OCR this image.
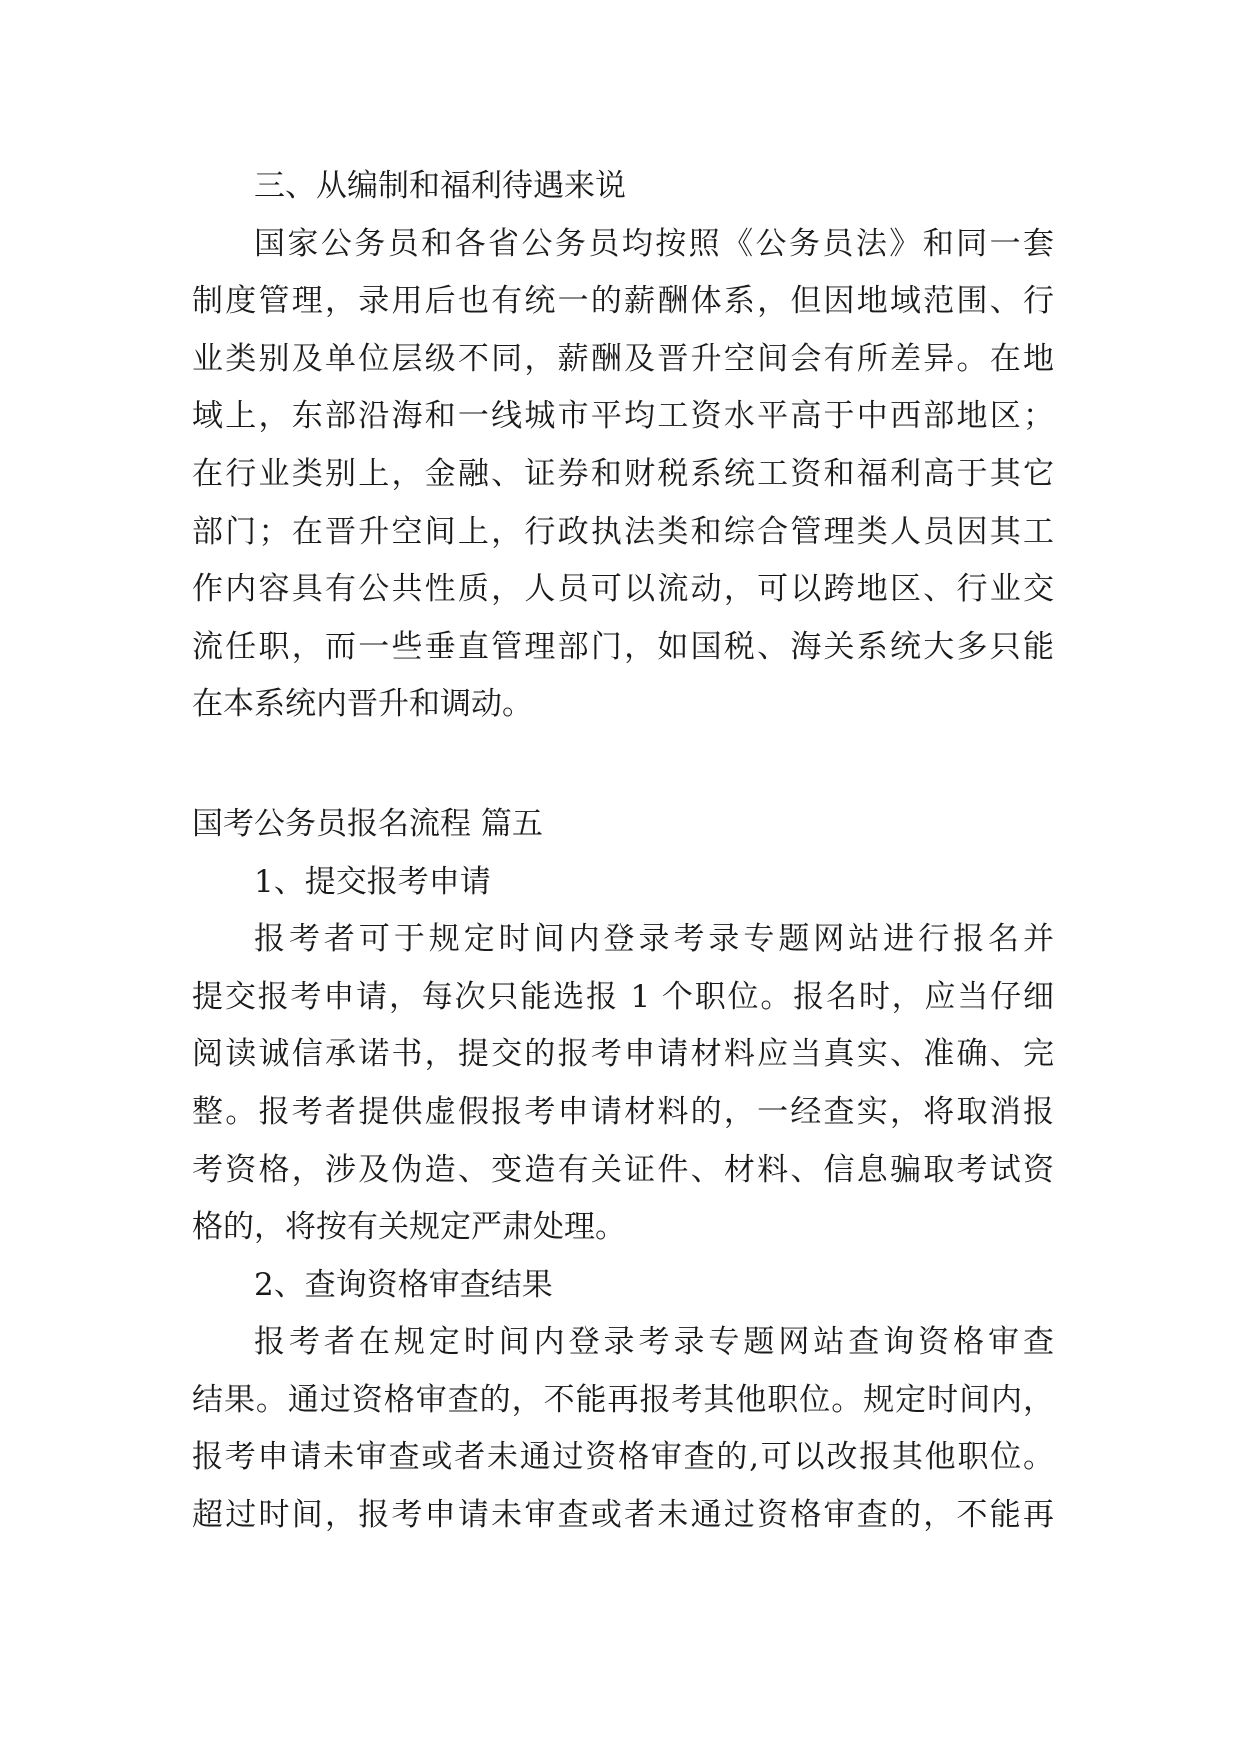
三、从编制和福利待遇来说
国家公务员和各省公务员均按照《公务员法》和同一套
制度管理，录用后也有统一的薪酬体系，但因地域范围、行
业类别及单位层级不同，薪酬及晋升空间会有所差异。在地
域上，东部沿海和一线城市平均工资水平高于中西部地区；
在行业类别上，金融、证券和财税系统工资和福利高于其它
部门；在晋升空间上，行政执法类和综合管理类人员因其工
作内容具有公共性质，人员可以流动，可以跨地区、行业交
流任职，而一些垂直管理部门，如国税、海关系统大多只能
在本系统内晋升和调动。
国考公务员报名流程 篇五
1、提交报考申请
报考者可于规定时间内登录考录专题网站进行报名并
提交报考申请，每次只能选报 1 个职位。报名时，应当仔细
阅读诚信承诺书，提交的报考申请材料应当真实、准确、完
整。报考者提供虚假报考申请材料的，一经查实，将取消报
考资格，涉及伪造、变造有关证件、材料、信息骗取考试资
格的，将按有关规定严肃处理。
2、查询资格审查结果
报考者在规定时间内登录考录专题网站查询资格审查
结果。通过资格审查的，不能再报考其他职位。规定时间内，
报考申请未审查或者未通过资格审查的,可以改报其他职位。
超过时间，报考申请未审查或者未通过资格审查的，不能再
